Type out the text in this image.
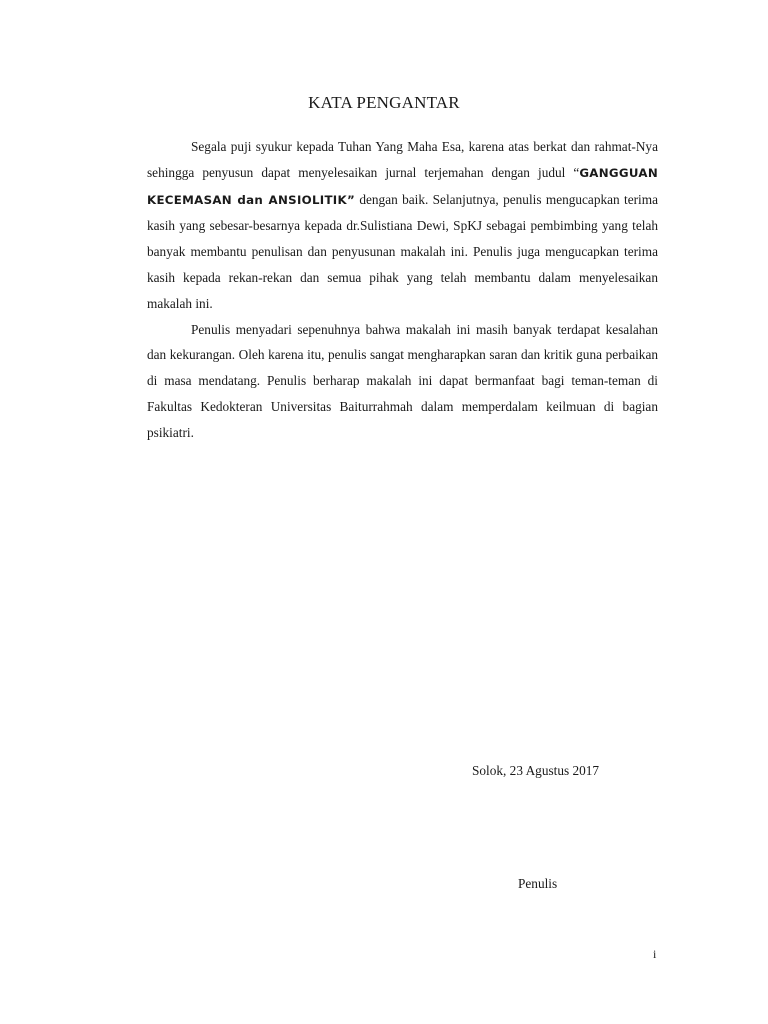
KATA PENGANTAR

Segala puji syukur kepada Tuhan Yang Maha Esa, karena atas berkat dan rahmat-Nya sehingga penyusun dapat menyelesaikan jurnal terjemahan dengan judul “GANGGUAN KECEMASAN dan ANSIOLITIK” dengan baik. Selanjutnya, penulis mengucapkan terima kasih yang sebesar-besarnya kepada dr.Sulistiana Dewi, SpKJ sebagai pembimbing yang telah banyak membantu penulisan dan penyusunan makalah ini. Penulis juga mengucapkan terima kasih kepada rekan-rekan dan semua pihak yang telah membantu dalam menyelesaikan makalah ini.

Penulis menyadari sepenuhnya bahwa makalah ini masih banyak terdapat kesalahan dan kekurangan. Oleh karena itu, penulis sangat mengharapkan saran dan kritik guna perbaikan di masa mendatang. Penulis berharap makalah ini dapat bermanfaat bagi teman-teman di Fakultas Kedokteran Universitas Baiturrahmah dalam memperdalam keilmuan di bagian psikiatri.

Solok, 23 Agustus 2017

Penulis

i
